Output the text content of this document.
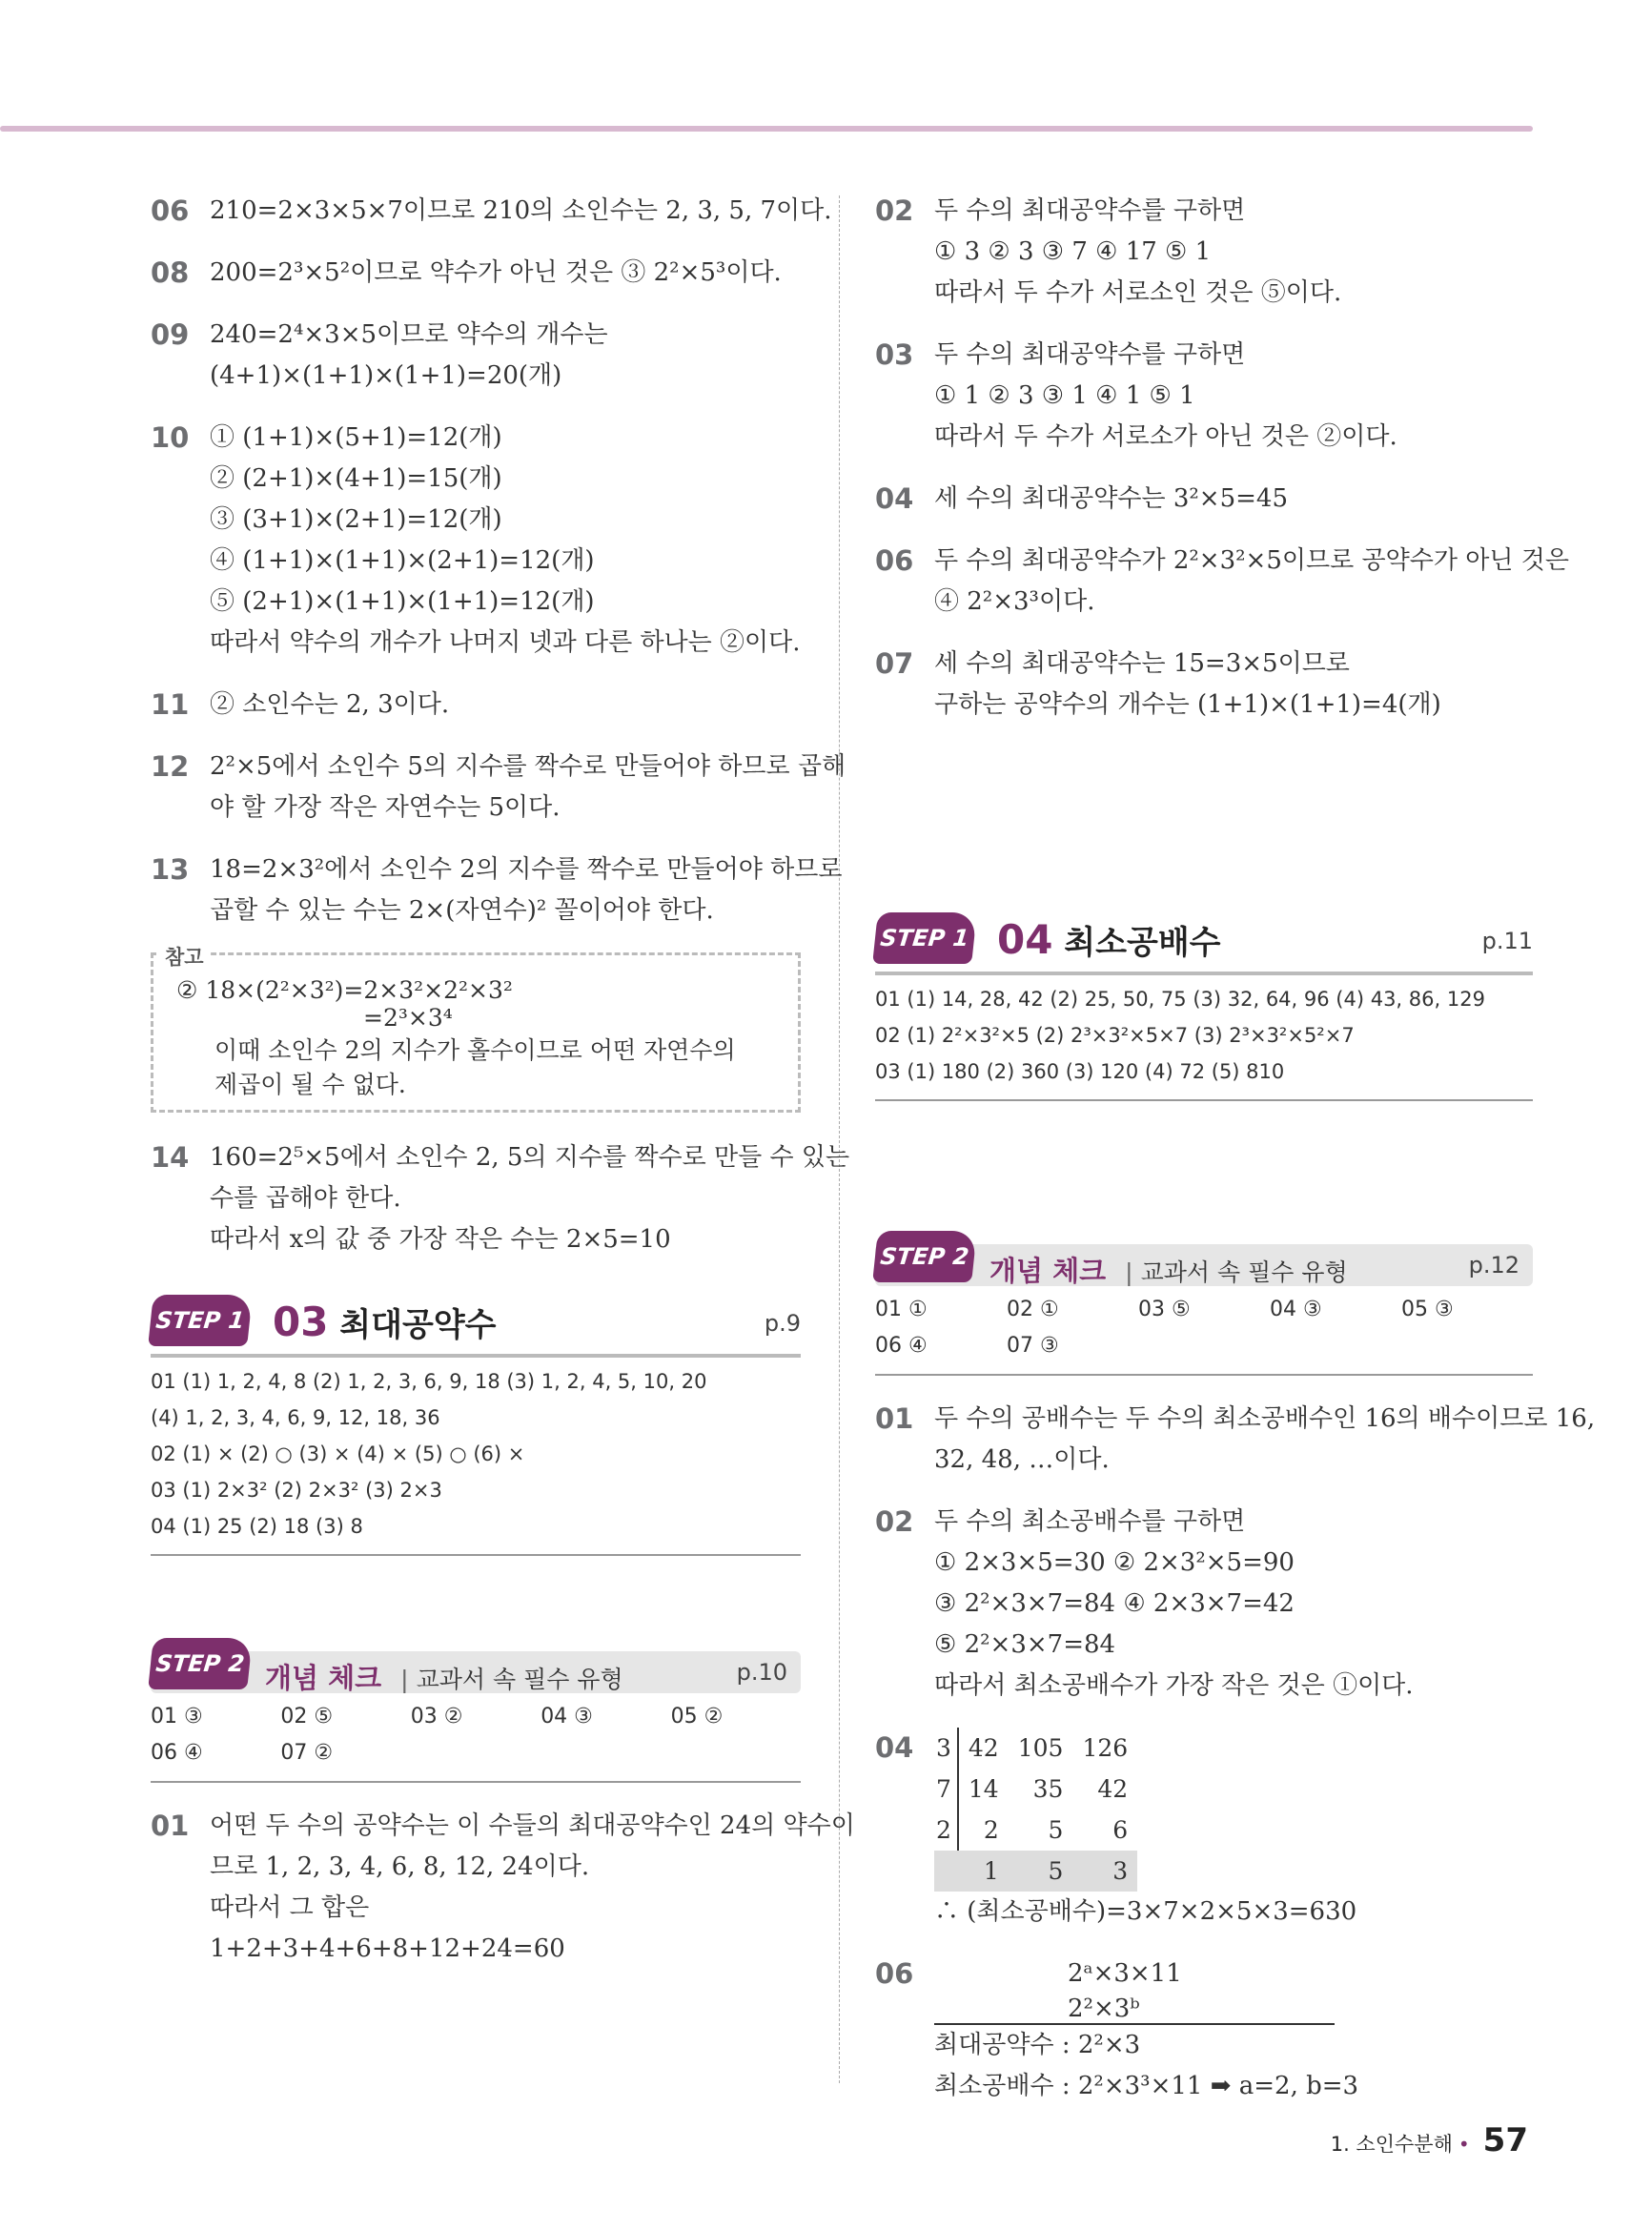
06 210=2×3×5×7이므로 210의 소인수는 2, 3, 5, 7이다.
08 200=2³×5²이므로 약수가 아닌 것은 ③ 2²×5³이다.
09 240=2⁴×3×5이므로 약수의 개수는
(4+1)×(1+1)×(1+1)=20(개)
10 ① (1+1)×(5+1)=12(개)
② (2+1)×(4+1)=15(개)
③ (3+1)×(2+1)=12(개)
④ (1+1)×(1+1)×(2+1)=12(개)
⑤ (2+1)×(1+1)×(1+1)=12(개)
따라서 약수의 개수가 나머지 넷과 다른 하나는 ②이다.
11 ② 소인수는 2, 3이다.
12 2²×5에서 소인수 5의 지수를 짝수로 만들어야 하므로 곱해
야 할 가장 작은 자연수는 5이다.
13 18=2×3²에서 소인수 2의 지수를 짝수로 만들어야 하므로
곱할 수 있는 수는 2×(자연수)² 꼴이어야 한다.
참고
② 18×(2²×3²)=2×3²×2²×3²
=2³×3⁴
이때 소인수 2의 지수가 홀수이므로 어떤 자연수의
제곱이 될 수 없다.
14 160=2⁵×5에서 소인수 2, 5의 지수를 짝수로 만들 수 있는
수를 곱해야 한다.
따라서 x의 값 중 가장 작은 수는 2×5=10
STEP 1 03 최대공약수	p.9
01 (1) 1, 2, 4, 8 (2) 1, 2, 3, 6, 9, 18 (3) 1, 2, 4, 5, 10, 20
(4) 1, 2, 3, 4, 6, 9, 12, 18, 36
02 (1) × (2) ○ (3) × (4) × (5) ○ (6) ×
03 (1) 2×3² (2) 2×3² (3) 2×3
04 (1) 25 (2) 18 (3) 8
STEP 2 개념 체크 | 교과서 속 필수 유형	p.10
01 ③	02 ⑤	03 ②	04 ③	05 ②
06 ④	07 ②
01 어떤 두 수의 공약수는 이 수들의 최대공약수인 24의 약수이
므로 1, 2, 3, 4, 6, 8, 12, 24이다.
따라서 그 합은
1+2+3+4+6+8+12+24=60
02 두 수의 최대공약수를 구하면
① 3 ② 3 ③ 7 ④ 17 ⑤ 1
따라서 두 수가 서로소인 것은 ⑤이다.
03 두 수의 최대공약수를 구하면
① 1 ② 3 ③ 1 ④ 1 ⑤ 1
따라서 두 수가 서로소가 아닌 것은 ②이다.
04 세 수의 최대공약수는 3²×5=45
06 두 수의 최대공약수가 2²×3²×5이므로 공약수가 아닌 것은
④ 2²×3³이다.
07 세 수의 최대공약수는 15=3×5이므로
구하는 공약수의 개수는 (1+1)×(1+1)=4(개)
STEP 1 04 최소공배수	p.11
01 (1) 14, 28, 42 (2) 25, 50, 75 (3) 32, 64, 96 (4) 43, 86, 129
02 (1) 2²×3²×5 (2) 2³×3²×5×7 (3) 2³×3²×5²×7
03 (1) 180 (2) 360 (3) 120 (4) 72 (5) 810
STEP 2 개념 체크 | 교과서 속 필수 유형	p.12
01 ①	02 ①	03 ⑤	04 ③	05 ③
06 ④	07 ③
01 두 수의 공배수는 두 수의 최소공배수인 16의 배수이므로 16,
32, 48, …이다.
02 두 수의 최소공배수를 구하면
① 2×3×5=30 ② 2×3²×5=90
③ 2²×3×7=84 ④ 2×3×7=42
⑤ 2²×3×7=84
따라서 최소공배수가 가장 작은 것은 ①이다.
04 3	42	105	126
7	14	35	42
2	2	5	6
	1	5	3
∴ (최소공배수)=3×7×2×5×3=630
06	2ᵃ×3×11
2²×3ᵇ
최대공약수 : 2²×3
최소공배수 : 2²×3³×11 ➡ a=2, b=3
1. 소인수분해 • 57
